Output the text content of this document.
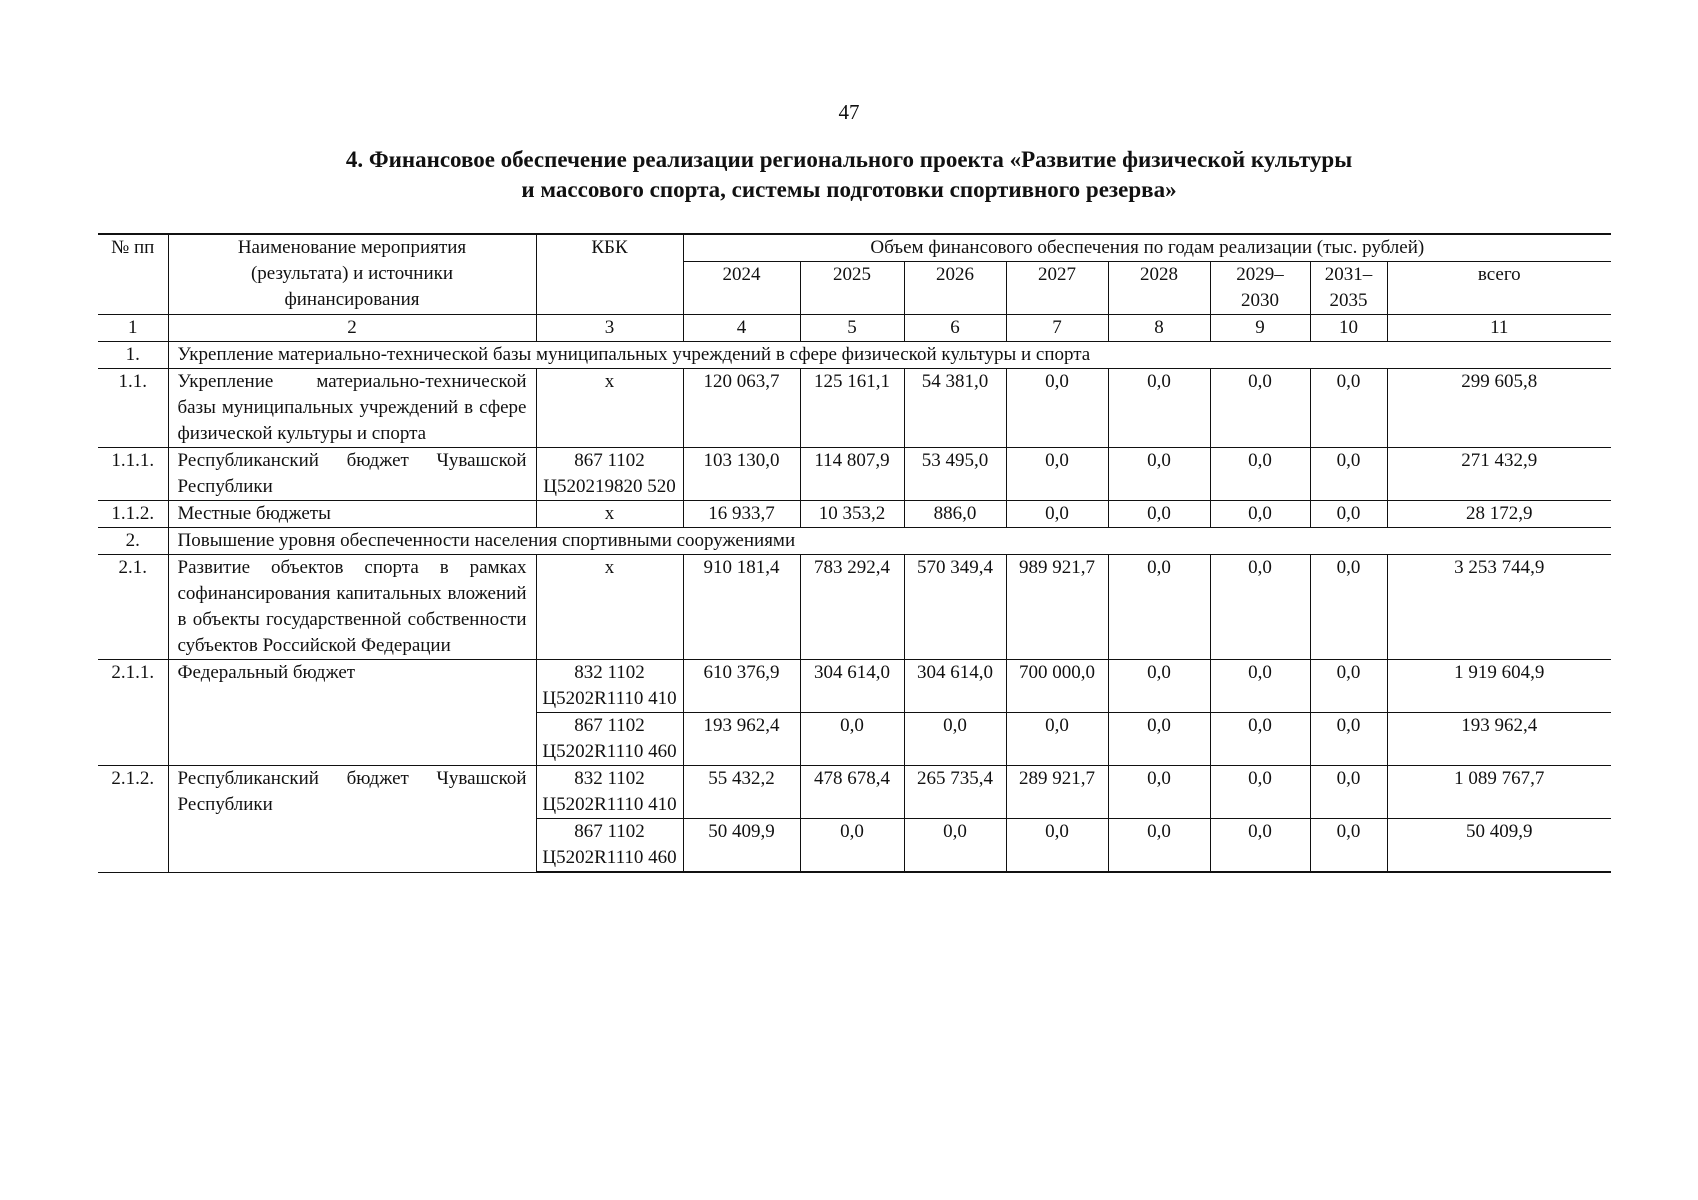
47
4. Финансовое обеспечение реализации регионального проекта «Развитие физической культуры
и массового спорта, системы подготовки спортивного резерва»
№ пп	Наименование мероприятия (результата) и источники финансирования	КБК	Объем финансового обеспечения по годам реализации (тыс. рублей)							
			2024	2025	2026	2027	2028	2029–2030	2031–2035	всего
1	2	3	4	5	6	7	8	9	10	11
1.	Укрепление материально-технической базы муниципальных учреждений в сфере физической культуры и спорта									
1.1.	Укрепление материально-технической базы муниципальных учреждений в сфере физической культуры и спорта	х	120 063,7	125 161,1	54 381,0	0,0	0,0	0,0	0,0	299 605,8
1.1.1.	Республиканский бюджет Чувашской Республики	867 1102 Ц520219820 520	103 130,0	114 807,9	53 495,0	0,0	0,0	0,0	0,0	271 432,9
1.1.2.	Местные бюджеты	х	16 933,7	10 353,2	886,0	0,0	0,0	0,0	0,0	28 172,9
2.	Повышение уровня обеспеченности населения спортивными сооружениями									
2.1.	Развитие объектов спорта в рамках софинансирования капитальных вложений в объекты государственной собственности субъектов Российской Федерации	х	910 181,4	783 292,4	570 349,4	989 921,7	0,0	0,0	0,0	3 253 744,9
2.1.1.	Федеральный бюджет	832 1102 Ц5202R1110 410	610 376,9	304 614,0	304 614,0	700 000,0	0,0	0,0	0,0	1 919 604,9
		867 1102 Ц5202R1110 460	193 962,4	0,0	0,0	0,0	0,0	0,0	0,0	193 962,4
2.1.2.	Республиканский бюджет Чувашской Республики	832 1102 Ц5202R1110 410	55 432,2	478 678,4	265 735,4	289 921,7	0,0	0,0	0,0	1 089 767,7
		867 1102 Ц5202R1110 460	50 409,9	0,0	0,0	0,0	0,0	0,0	0,0	50 409,9
